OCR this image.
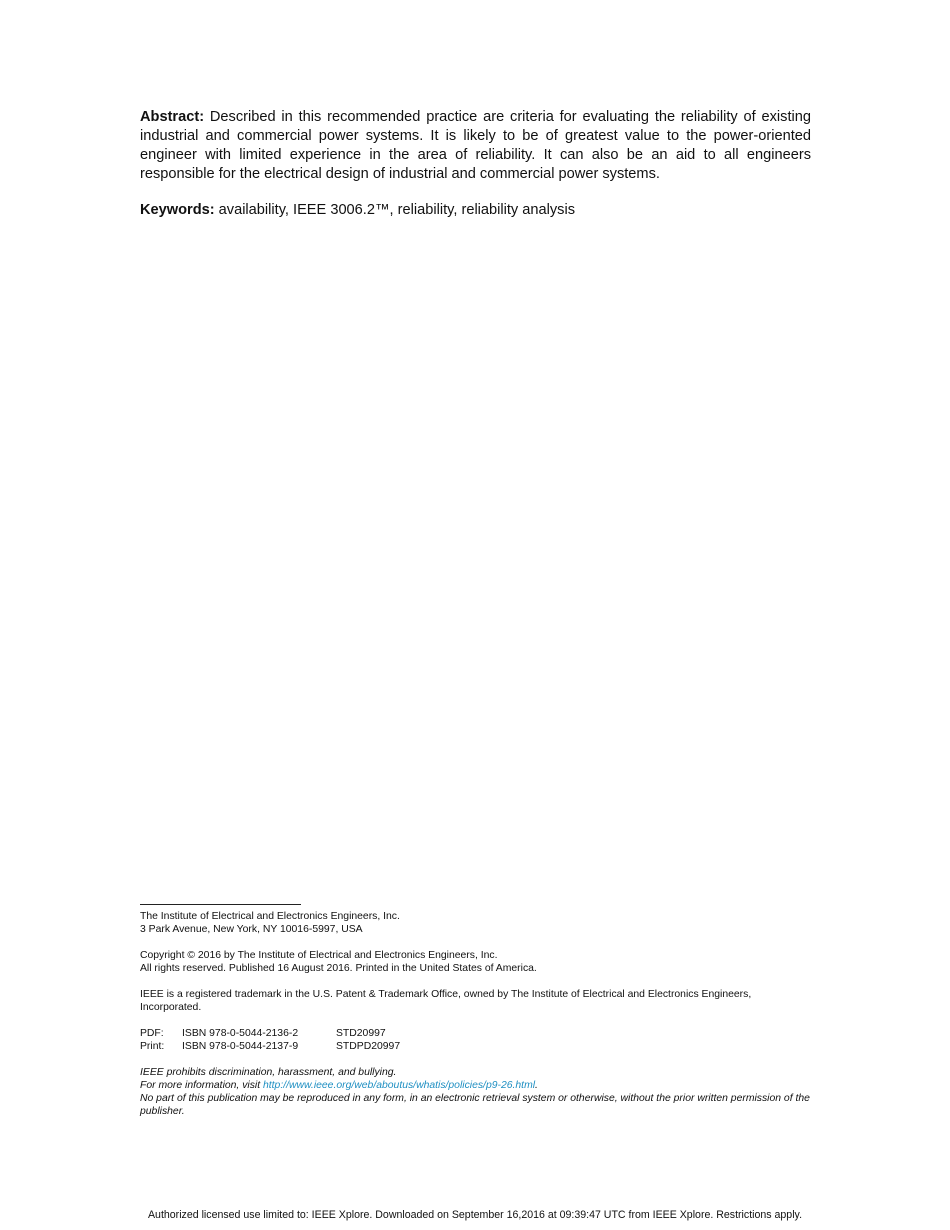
Abstract: Described in this recommended practice are criteria for evaluating the reliability of existing industrial and commercial power systems. It is likely to be of greatest value to the power-oriented engineer with limited experience in the area of reliability. It can also be an aid to all engineers responsible for the electrical design of industrial and commercial power systems.
Keywords: availability, IEEE 3006.2™, reliability, reliability analysis

The Institute of Electrical and Electronics Engineers, Inc.
3 Park Avenue, New York, NY 10016-5997, USA

Copyright © 2016 by The Institute of Electrical and Electronics Engineers, Inc.
All rights reserved. Published 16 August 2016. Printed in the United States of America.

IEEE is a registered trademark in the U.S. Patent & Trademark Office, owned by The Institute of Electrical and Electronics Engineers, Incorporated.

PDF:	ISBN 978-0-5044-2136-2	STD20997
Print:	ISBN 978-0-5044-2137-9	STDPD20997
IEEE prohibits discrimination, harassment, and bullying.
For more information, visit http://www.ieee.org/web/aboutus/whatis/policies/p9-26.html.
No part of this publication may be reproduced in any form, in an electronic retrieval system or otherwise, without the prior written permission of the publisher.
Authorized licensed use limited to: IEEE Xplore. Downloaded on September 16,2016 at 09:39:47 UTC from IEEE Xplore. Restrictions apply.
